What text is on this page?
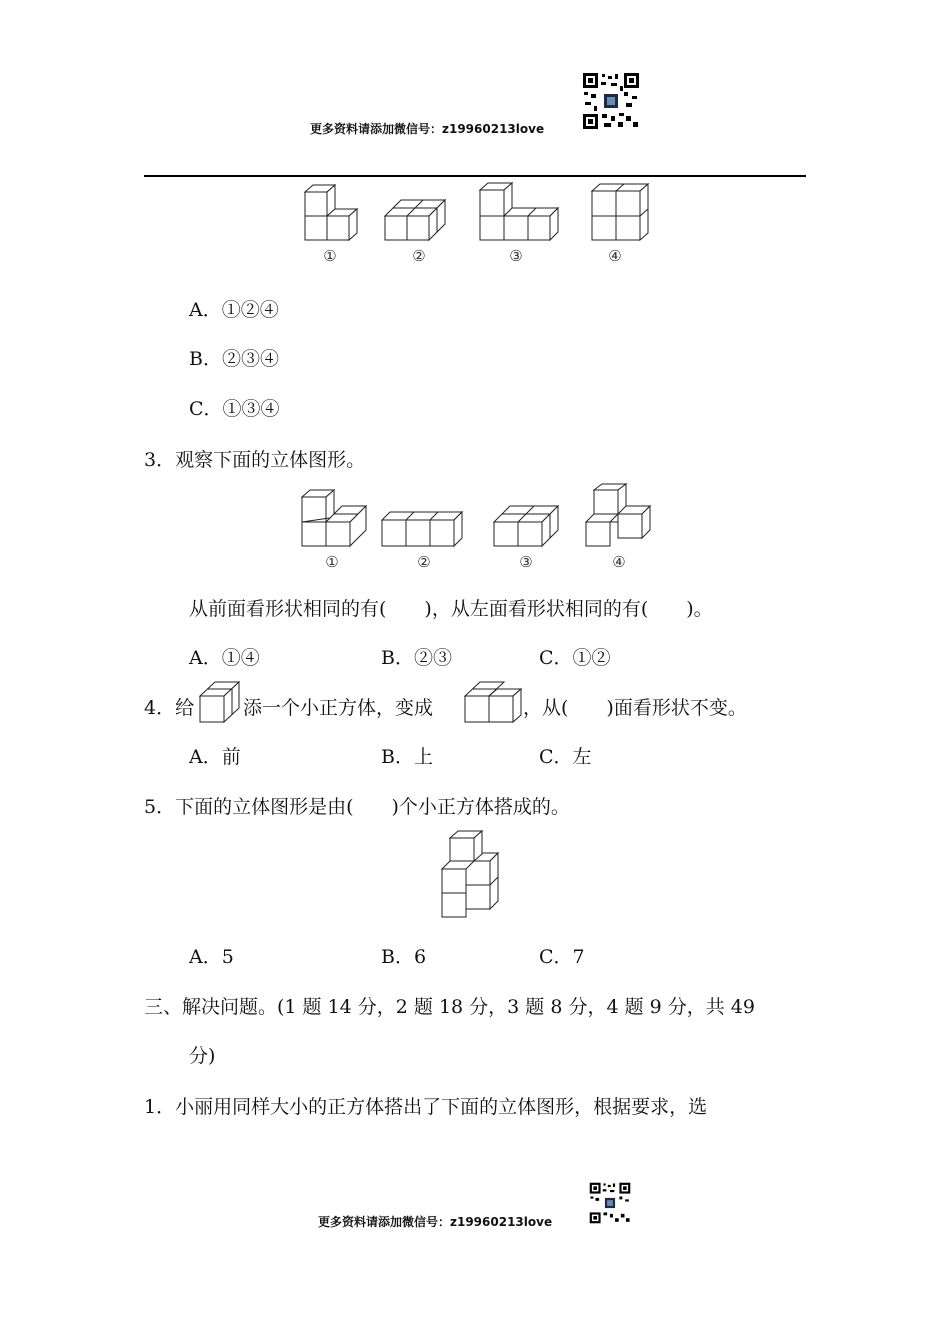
更多资料请添加微信号：z19960213love
①	②	③	④
A．①②④
B．②③④
C．①③④
3．观察下面的立体图形。
①	②	③	④
从前面看形状相同的有(　　)，从左面看形状相同的有(　　)。
A．①④	B．②③	C．①②
4．给	添一个小正方体，变成	，从(　　)面看形状不变。
A．前	B．上	C．左
5．下面的立体图形是由(　　)个小正方体搭成的。
A．5	B．6	C．7
三、解决问题。(1 题 14 分，2 题 18 分，3 题 8 分，4 题 9 分，共 49
分)
1．小丽用同样大小的正方体搭出了下面的立体图形，根据要求，选
更多资料请添加微信号：z19960213love
